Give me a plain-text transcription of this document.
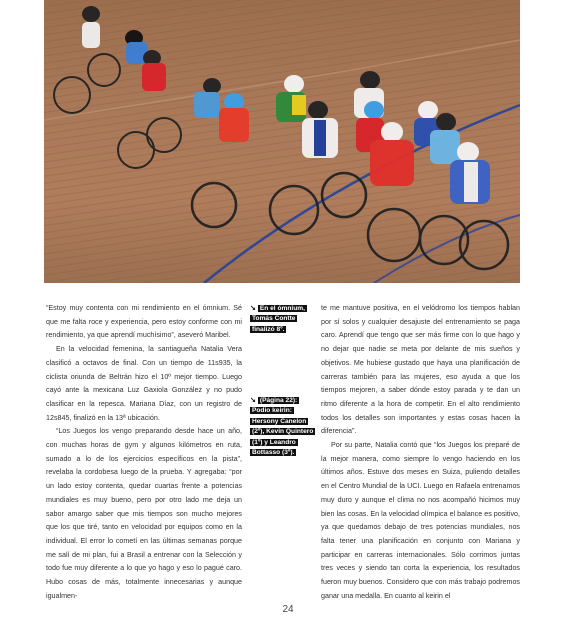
“Estoy muy contenta con mi rendimiento en el ómnium. Sé que me falta roce y experiencia, pero estoy conforme con mi rendimiento, ya que aprendí muchísimo”, aseveró Maribel.

En la velocidad femenina, la santiagueña Natalia Vera clasificó a octavos de final. Con un tiempo de 11s935, la ciclista oriunda de Beltrán hizo el 10º mejor tiempo. Luego cayó ante la mexicana Luz Gaxiola González y no pudo clasificar en la repesca. Mariana Díaz, con un registro de 12s845, finalizó en la 13ª ubicación.

“Los Juegos los vengo preparando desde hace un año, con muchas horas de gym y algunos kilómetros en ruta, sumado a lo de los ejercicios específicos en la pista”, revelaba la cordobesa luego de la prueba. Y agregaba: “por un lado estoy contenta, quedar cuartas frente a potencias mundiales es muy bueno, pero por otro lado me deja un sabor amargo saber que mis tiempos son mucho mejores que los que tiré, tanto en velocidad por equipos como en la individual. El error lo cometí en las últimas semanas porque me salí de mi plan, fui a Brasil a entrenar con la Selección y todo fue muy diferente a lo que yo hago y eso lo pagué caro. Hubo cosas de más, totalmente innecesarias y aunque igualmen-

↘ En el ómnium, Tomás Contte finalizó 8º.
↘ (Página 22): Podio keirin: Hersony Canelon (2º), Kevin Quintero (1º) y Leandro Bottasso (3º).

te me mantuve positiva, en el velódromo los tiempos hablan por sí solos y cualquier desajuste del entrenamiento se paga caro. Aprendí que tengo que ser más firme con lo que hago y no dejar que nadie se meta por delante de mis sueños y objetivos. Me hubiese gustado que haya una planificación de carreras también para las mujeres, eso ayuda a que los tiempos mejoren, a saber dónde estoy parada y te dan un ritmo diferente a la hora de competir. En el alto rendimiento todos los detalles son importantes y estas cosas hacen la diferencia”.

Por su parte, Natalia contó que “los Juegos los preparé de la mejor manera, como siempre lo vengo haciendo en los últimos años. Estuve dos meses en Suiza, puliendo detalles en el Centro Mundial de la UCI. Luego en Rafaela entrenamos muy duro y aunque el clima no nos acompañó hicimos muy bien las cosas. En la velocidad olímpica el balance es positivo, ya que quedamos debajo de tres potencias mundiales, nos falta tener una planificación en conjunto con Mariana y participar en carreras internacionales. Sólo corrimos juntas tres veces y siendo tan corta la experiencia, los resultados fueron muy buenos. Considero que con más trabajo podremos ganar una medalla. En cuanto al keirin el

24
